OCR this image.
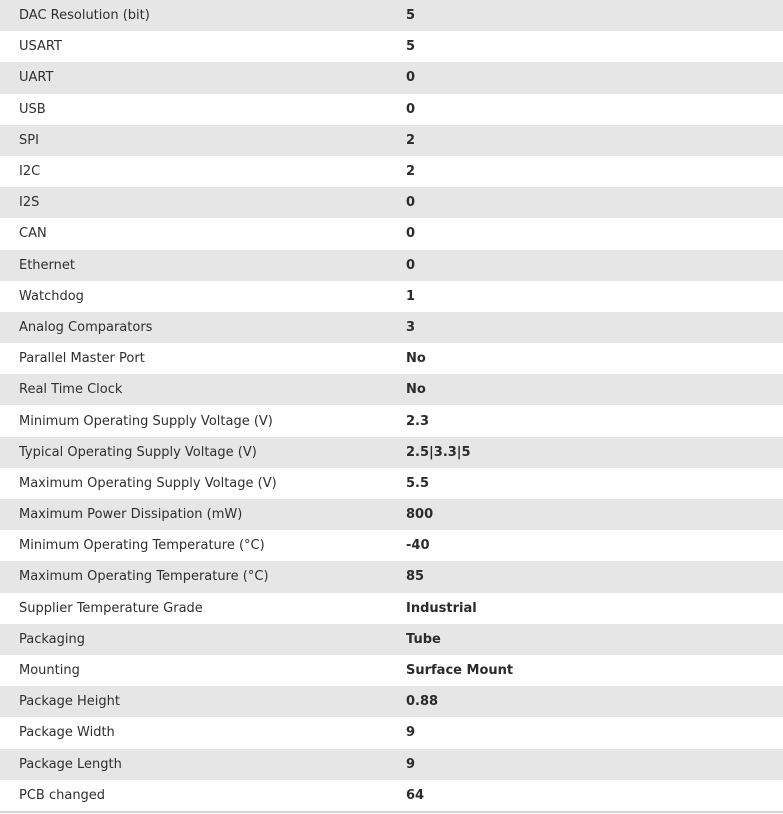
DAC Resolution (bit)	5
USART	5
UART	0
USB	0
SPI	2
I2C	2
I2S	0
CAN	0
Ethernet	0
Watchdog	1
Analog Comparators	3
Parallel Master Port	No
Real Time Clock	No
Minimum Operating Supply Voltage (V)	2.3
Typical Operating Supply Voltage (V)	2.5|3.3|5
Maximum Operating Supply Voltage (V)	5.5
Maximum Power Dissipation (mW)	800
Minimum Operating Temperature (°C)	-40
Maximum Operating Temperature (°C)	85
Supplier Temperature Grade	Industrial
Packaging	Tube
Mounting	Surface Mount
Package Height	0.88
Package Width	9
Package Length	9
PCB changed	64
